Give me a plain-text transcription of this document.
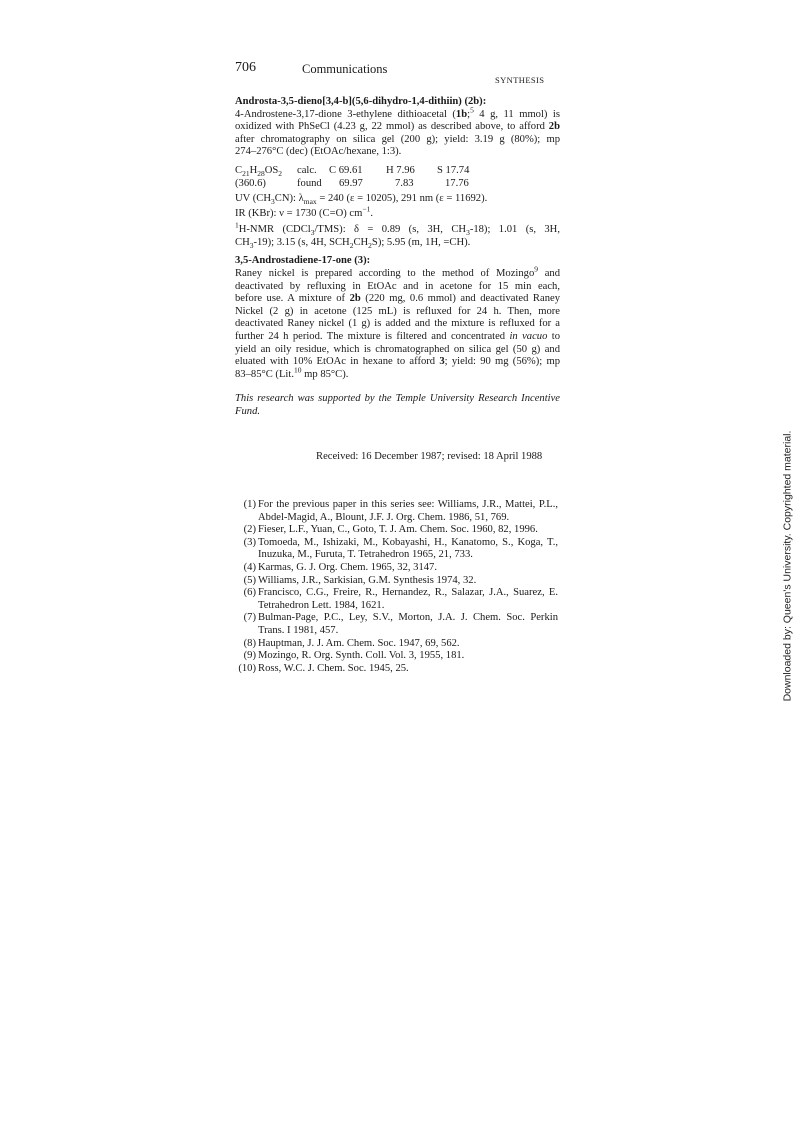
706	Communications
SYNTHESIS
Androsta-3,5-dieno[3,4-b](5,6-dihydro-1,4-dithiin) (2b):
4-Androstene-3,17-dione 3-ethylene dithioacetal (1b;$^5$ 4 g, 11 mmol) is
oxidized with PhSeCl (4.23 g, 22 mmol) as described above, to afford 2b
after chromatography on silica gel (200 g); yield: 3.19 g (80%); mp
274–276°C (dec) (EtOAc/hexane, 1:3).
$C_{21}H_{28}OS_2$ calc. C 69.61 H 7.96 S 17.74
(360.6)	found 69.97	7.83	17.76
UV $(CH_3CN)$: $\lambda_{max} = 240$ (ε = 10205), 291 nm (ε = 11692).
IR (KBr): ν = 1730 (C=O) $cm^{-1}$.
$^1$H-NMR (CDCl$_3$/TMS): δ = 0.89 (s, 3H, $CH_3-18$); 1.01 (s, 3H,
$CH_3-19$); 3.15 (s, 4H, $SCH_2CH_2S$); 5.95 (m, 1H, =CH).
3,5-Androstadiene-17-one (3):
Raney nickel is prepared according to the method of Mozingo$^9$ and
deactivated by refluxing in EtOAc and in acetone for 15 min each,
before use. A mixture of 2b (220 mg, 0.6 mmol) and deactivated Raney
Nickel (2 g) in acetone (125 mL) is refluxed for 24 h. Then, more
deactivated Raney nickel (1 g) is added and the mixture is refluxed for a
further 24 h period. The mixture is filtered and concentrated in vacuo to
yield an oily residue, which is chromatographed on silica gel (50 g) and
eluated with 10% EtOAc in hexane to afford 3; yield: 90 mg (56%); mp
83–85°C (Lit.$^{10}$ mp 85°C).
This research was supported by the Temple University Research Incentive Fund.
Received: 16 December 1987; revised: 18 April 1988
(1) For the previous paper in this series see: Williams, J.R., Mattei, P.L., Abdel-Magid, A., Blount, J.F. J. Org. Chem. 1986, 51, 769.
(2) Fieser, L.F., Yuan, C., Goto, T. J. Am. Chem. Soc. 1960, 82, 1996.
(3) Tomoeda, M., Ishizaki, M., Kobayashi, H., Kanatomo, S., Koga, T., Inuzuka, M., Furuta, T. Tetrahedron 1965, 21, 733.
(4) Karmas, G. J. Org. Chem. 1965, 32, 3147.
(5) Williams, J.R., Sarkisian, G.M. Synthesis 1974, 32.
(6) Francisco, C.G., Freire, R., Hernandez, R., Salazar, J.A., Suarez, E. Tetrahedron Lett. 1984, 1621.
(7) Bulman-Page, P.C., Ley, S.V., Morton, J.A. J. Chem. Soc. Perkin Trans. I 1981, 457.
(8) Hauptman, J. J. Am. Chem. Soc. 1947, 69, 562.
(9) Mozingo, R. Org. Synth. Coll. Vol. 3, 1955, 181.
(10) Ross, W.C. J. Chem. Soc. 1945, 25.	Downloaded by: Queen's University. Copyrighted material.
